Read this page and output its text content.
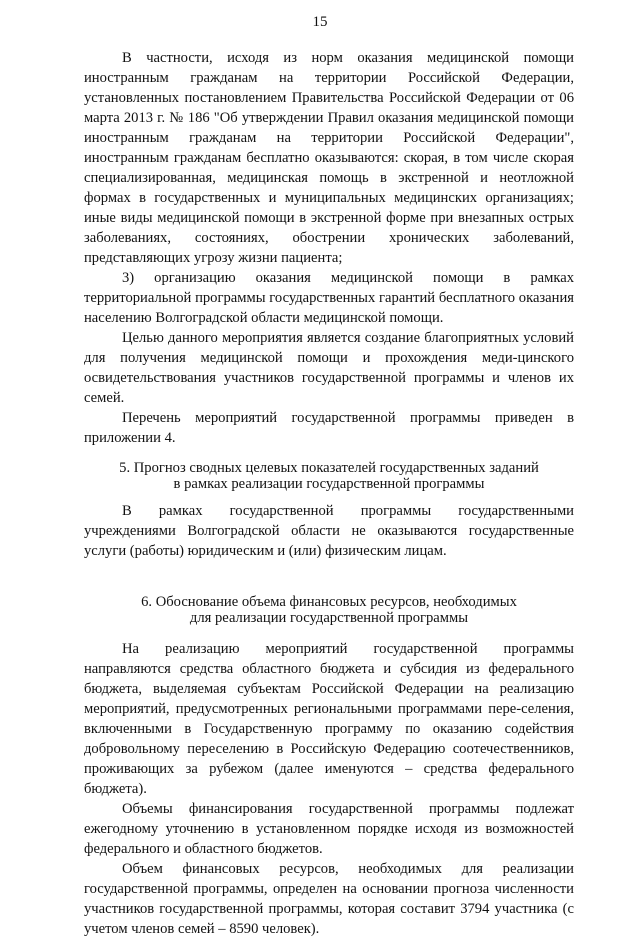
15

В частности, исходя из норм оказания медицинской помощи иностранным гражданам на территории Российской Федерации, установленных постановлением Правительства Российской Федерации от 06 марта 2013 г. № 186 "Об утверждении Правил оказания медицинской помощи иностранным гражданам на территории Российской Федерации", иностранным гражданам бесплатно оказываются: скорая, в том числе скорая специализированная, медицинская помощь в экстренной и неотложной формах в государственных и муниципальных медицинских организациях; иные виды медицинской помощи в экстренной форме при внезапных острых заболеваниях, состояниях, обострении хронических заболеваний, представляющих угрозу жизни пациента;

3) организацию оказания медицинской помощи в рамках территориальной программы государственных гарантий бесплатного оказания населению Волгоградской области медицинской помощи.

Целью данного мероприятия является создание благоприятных условий для получения медицинской помощи и прохождения меди-цинского освидетельствования участников государственной программы и членов их семей.

Перечень мероприятий государственной программы приведен в приложении 4.

5. Прогноз сводных целевых показателей государственных заданий

в рамках реализации государственной программы

В рамках государственной программы государственными учреждениями Волгоградской области не оказываются государственные услуги (работы) юридическим и (или) физическим лицам.

6. Обоснование объема финансовых ресурсов, необходимых

для реализации государственной программы

На реализацию мероприятий государственной программы направляются средства областного бюджета и субсидия из федерального бюджета, выделяемая субъектам Российской Федерации на реализацию мероприятий, предусмотренных региональными программами пере-селения, включенными в Государственную программу по оказанию содействия добровольному переселению в Российскую Федерацию соотечественников, проживающих за рубежом (далее именуются – средства федерального бюджета).

Объемы финансирования государственной программы подлежат ежегодному уточнению в установленном порядке исходя из возможностей федерального и областного бюджетов.

Объем финансовых ресурсов, необходимых для реализации государственной программы, определен на основании прогноза численности участников государственной программы, которая составит 3794 участника (с учетом членов семей – 8590 человек).
